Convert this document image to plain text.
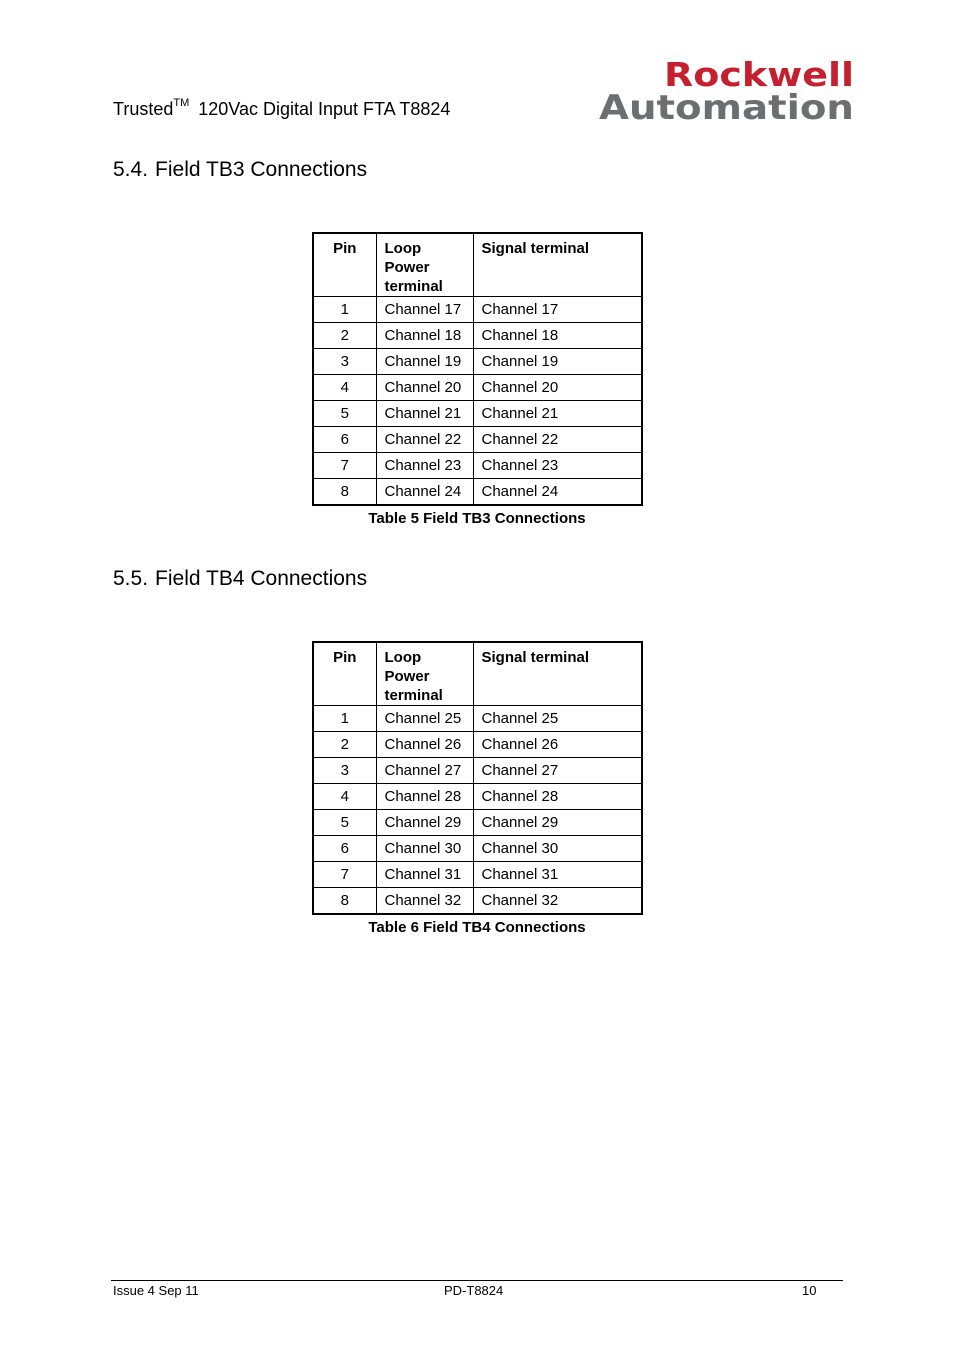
Trusted™ 120Vac Digital Input FTA T8824
Rockwell
Automation
5.4. Field TB3 Connections
Pin	Loop Power terminal	Signal terminal
1	Channel 17	Channel 17
2	Channel 18	Channel 18
3	Channel 19	Channel 19
4	Channel 20	Channel 20
5	Channel 21	Channel 21
6	Channel 22	Channel 22
7	Channel 23	Channel 23
8	Channel 24	Channel 24
Table 5 Field TB3 Connections
5.5. Field TB4 Connections
Pin	Loop Power terminal	Signal terminal
1	Channel 25	Channel 25
2	Channel 26	Channel 26
3	Channel 27	Channel 27
4	Channel 28	Channel 28
5	Channel 29	Channel 29
6	Channel 30	Channel 30
7	Channel 31	Channel 31
8	Channel 32	Channel 32
Table 6 Field TB4 Connections
Issue 4 Sep 11	PD-T8824	10
